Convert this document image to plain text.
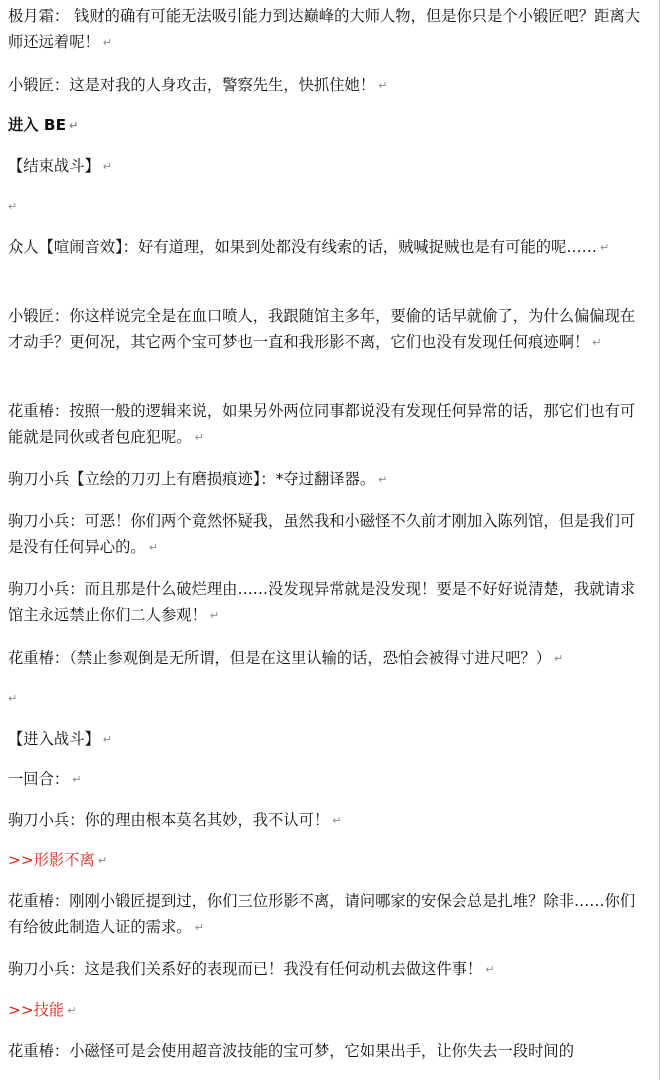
极月霜： 钱财的确有可能无法吸引能力到达巅峰的大师人物，但是你只是个小锻匠吧？距离大师还远着呢！ ↵

小锻匠：这是对我的人身攻击，警察先生，快抓住她！ ↵

进入 BE ↵

【结束战斗】 ↵

↵

众人【喧闹音效】：好有道理，如果到处都没有线索的话，贼喊捉贼也是有可能的呢…… ↵

小锻匠：你这样说完全是在血口喷人，我跟随馆主多年，要偷的话早就偷了，为什么偏偏现在才动手？更何况，其它两个宝可梦也一直和我形影不离，它们也没有发现任何痕迹啊！ ↵

花重椿：按照一般的逻辑来说，如果另外两位同事都说没有发现任何异常的话，那它们也有可能就是同伙或者包庇犯呢。 ↵

驹刀小兵【立绘的刀刃上有磨损痕迹】：*夺过翻译器。 ↵

驹刀小兵：可恶！你们两个竟然怀疑我，虽然我和小磁怪不久前才刚加入陈列馆，但是我们可是没有任何异心的。 ↵

驹刀小兵：而且那是什么破烂理由……没发现异常就是没发现！要是不好好说清楚，我就请求馆主永远禁止你们二人参观！ ↵

花重椿：（禁止参观倒是无所谓，但是在这里认输的话，恐怕会被得寸进尺吧？） ↵

↵

【进入战斗】 ↵

一回合： ↵

驹刀小兵：你的理由根本莫名其妙，我不认可！ ↵

>>形影不离 ↵

花重椿：刚刚小锻匠提到过，你们三位形影不离，请问哪家的安保会总是扎堆？除非……你们有给彼此制造人证的需求。 ↵

驹刀小兵：这是我们关系好的表现而已！我没有任何动机去做这件事！ ↵

>>技能 ↵

花重椿：小磁怪可是会使用超音波技能的宝可梦，它如果出手，让你失去一段时间的
